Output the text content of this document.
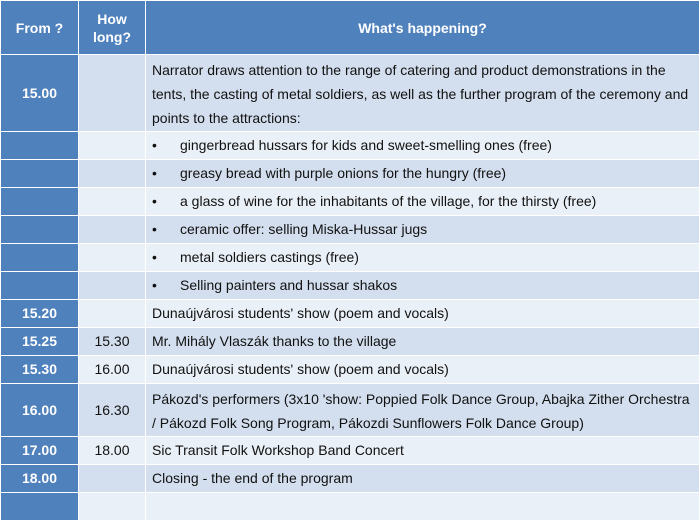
From ?	How long?	What's happening?
15.00		Narrator draws attention to the range of catering and product demonstrations in the tents, the casting of metal soldiers, as well as the further program of the ceremony and points to the attractions:
		• gingerbread hussars for kids and sweet-smelling ones (free)
		• greasy bread with purple onions for the hungry (free)
		• a glass of wine for the inhabitants of the village, for the thirsty (free)
		• ceramic offer: selling Miska-Hussar jugs
		• metal soldiers castings (free)
		• Selling painters and hussar shakos
15.20		Dunaújvárosi students' show (poem and vocals)
15.25	15.30	Mr. Mihály Vlaszák thanks to the village
15.30	16.00	Dunaújvárosi students' show (poem and vocals)
16.00	16.30	Pákozd's performers (3x10 'show: Poppied Folk Dance Group, Abajka Zither Orchestra / Pákozd Folk Song Program, Pákozdi Sunflowers Folk Dance Group)
17.00	18.00	Sic Transit Folk Workshop Band Concert
18.00		Closing - the end of the program
